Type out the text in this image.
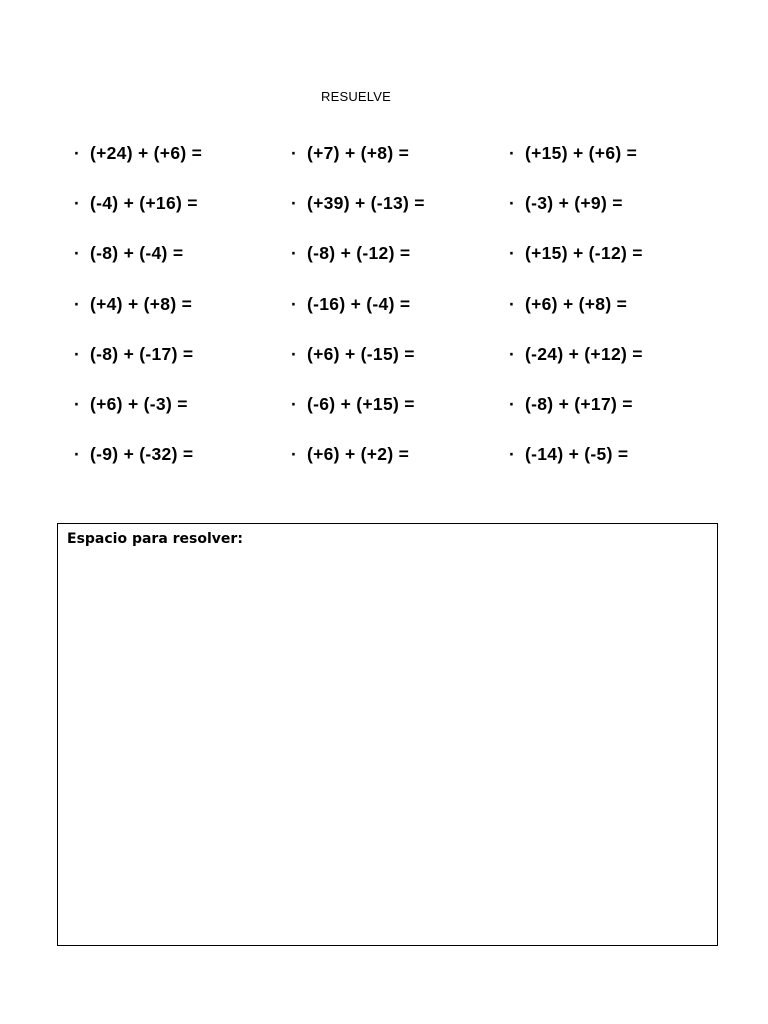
RESUELVE
· (+24) + (+6) =	· (+7) + (+8) =	· (+15) + (+6) =
· (-4) + (+16) =	· (+39) + (-13) =	· (-3) + (+9) =
· (-8) + (-4) =	· (-8) + (-12) =	· (+15) + (-12) =
· (+4) + (+8) =	· (-16) + (-4) =	· (+6) + (+8) =
· (-8) + (-17) =	· (+6) + (-15) =	· (-24) + (+12) =
· (+6) + (-3) =	· (-6) + (+15) =	· (-8) + (+17) =
· (-9) + (-32) =	· (+6) + (+2) =	· (-14) + (-5) =
Espacio para resolver:
